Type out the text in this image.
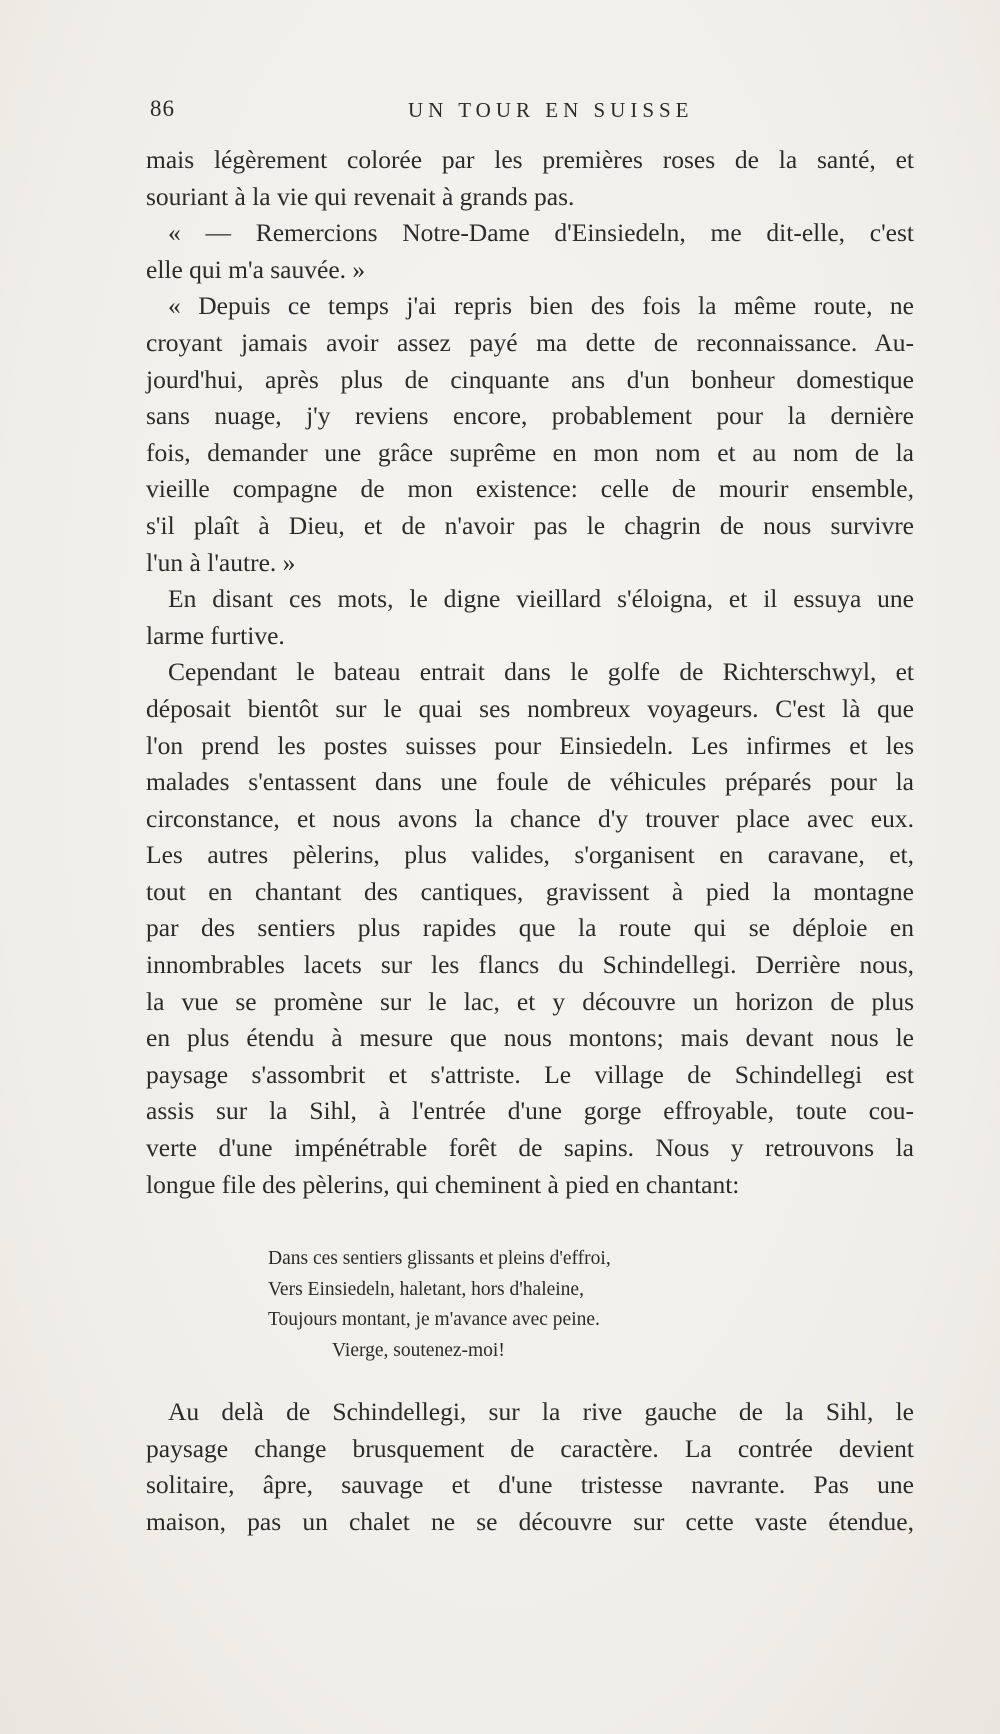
86	UN TOUR EN SUISSE
mais légèrement colorée par les premières roses de la santé, et
souriant à la vie qui revenait à grands pas.
« — Remercions Notre-Dame d'Einsiedeln, me dit-elle, c'est
elle qui m'a sauvée. »
« Depuis ce temps j'ai repris bien des fois la même route, ne
croyant jamais avoir assez payé ma dette de reconnaissance. Au-
jourd'hui, après plus de cinquante ans d'un bonheur domestique
sans nuage, j'y reviens encore, probablement pour la dernière
fois, demander une grâce suprême en mon nom et au nom de la
vieille compagne de mon existence: celle de mourir ensemble,
s'il plaît à Dieu, et de n'avoir pas le chagrin de nous survivre
l'un à l'autre. »
En disant ces mots, le digne vieillard s'éloigna, et il essuya une
larme furtive.
Cependant le bateau entrait dans le golfe de Richterschwyl, et
déposait bientôt sur le quai ses nombreux voyageurs. C'est là que
l'on prend les postes suisses pour Einsiedeln. Les infirmes et les
malades s'entassent dans une foule de véhicules préparés pour la
circonstance, et nous avons la chance d'y trouver place avec eux.
Les autres pèlerins, plus valides, s'organisent en caravane, et,
tout en chantant des cantiques, gravissent à pied la montagne
par des sentiers plus rapides que la route qui se déploie en
innombrables lacets sur les flancs du Schindellegi. Derrière nous,
la vue se promène sur le lac, et y découvre un horizon de plus
en plus étendu à mesure que nous montons; mais devant nous le
paysage s'assombrit et s'attriste. Le village de Schindellegi est
assis sur la Sihl, à l'entrée d'une gorge effroyable, toute cou-
verte d'une impénétrable forêt de sapins. Nous y retrouvons la
longue file des pèlerins, qui cheminent à pied en chantant:
Dans ces sentiers glissants et pleins d'effroi,
Vers Einsiedeln, haletant, hors d'haleine,
Toujours montant, je m'avance avec peine.
Vierge, soutenez-moi!
Au delà de Schindellegi, sur la rive gauche de la Sihl, le
paysage change brusquement de caractère. La contrée devient
solitaire, âpre, sauvage et d'une tristesse navrante. Pas une
maison, pas un chalet ne se découvre sur cette vaste étendue,
